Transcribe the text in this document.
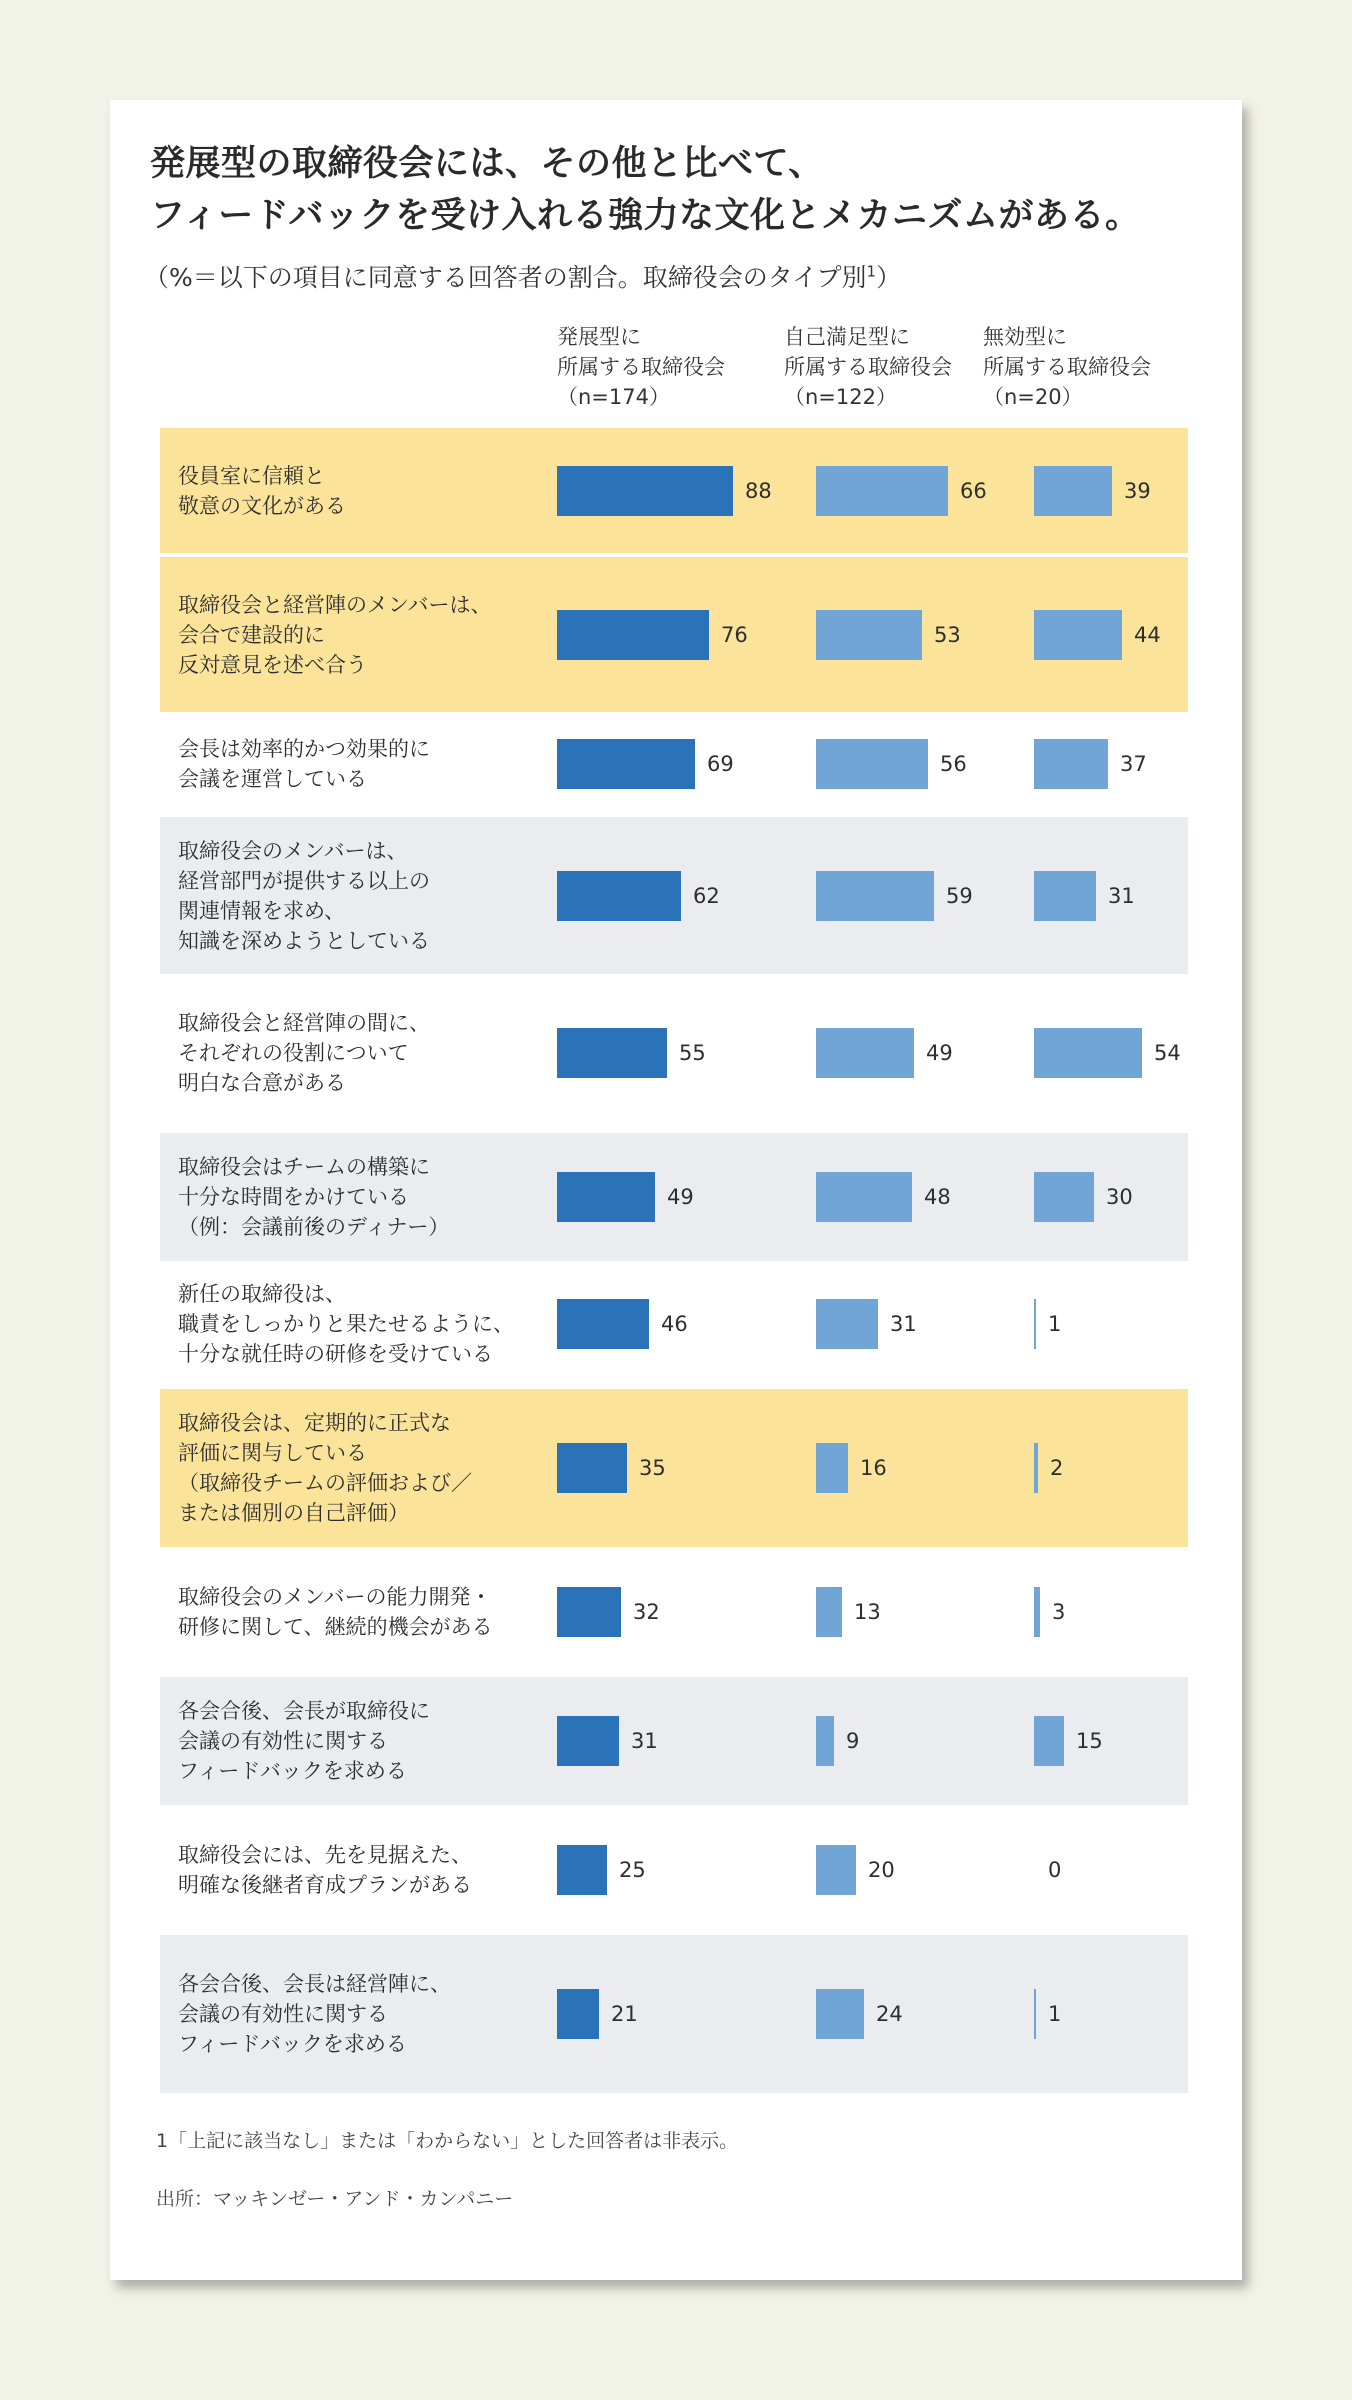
発展型の取締役会には、その他と比べて、
フィードバックを受け入れる強力な文化とメカニズムがある。
（%＝以下の項目に同意する回答者の割合。取締役会のタイプ別$^1$）
発展型に
所属する取締役会
（n=174）
自己満足型に
所属する取締役会
（n=122）
無効型に
所属する取締役会
（n=20）
役員室に信頼と
敬意の文化がある
88	66	39
取締役会と経営陣のメンバーは、
会合で建設的に
反対意見を述べ合う
76	53	44
会長は効率的かつ効果的に
会議を運営している
69	56	37
取締役会のメンバーは、
経営部門が提供する以上の
関連情報を求め、
知識を深めようとしている
62	59	31
取締役会と経営陣の間に、
それぞれの役割について
明白な合意がある
55	49	54
取締役会はチームの構築に
十分な時間をかけている
（例：会議前後のディナー）
49	48	30
新任の取締役は、
職責をしっかりと果たせるように、
十分な就任時の研修を受けている
46	31	1
取締役会は、定期的に正式な
評価に関与している
（取締役チームの評価および／
または個別の自己評価）
35	16	2
取締役会のメンバーの能力開発・
研修に関して、継続的機会がある
32	13	3
各会合後、会長が取締役に
会議の有効性に関する
フィードバックを求める
31	9	15
取締役会には、先を見据えた、
明確な後継者育成プランがある
25	20	0
各会合後、会長は経営陣に、
会議の有効性に関する
フィードバックを求める
21	24	1
1「上記に該当なし」または「わからない」とした回答者は非表示。
出所：マッキンゼー・アンド・カンパニー
